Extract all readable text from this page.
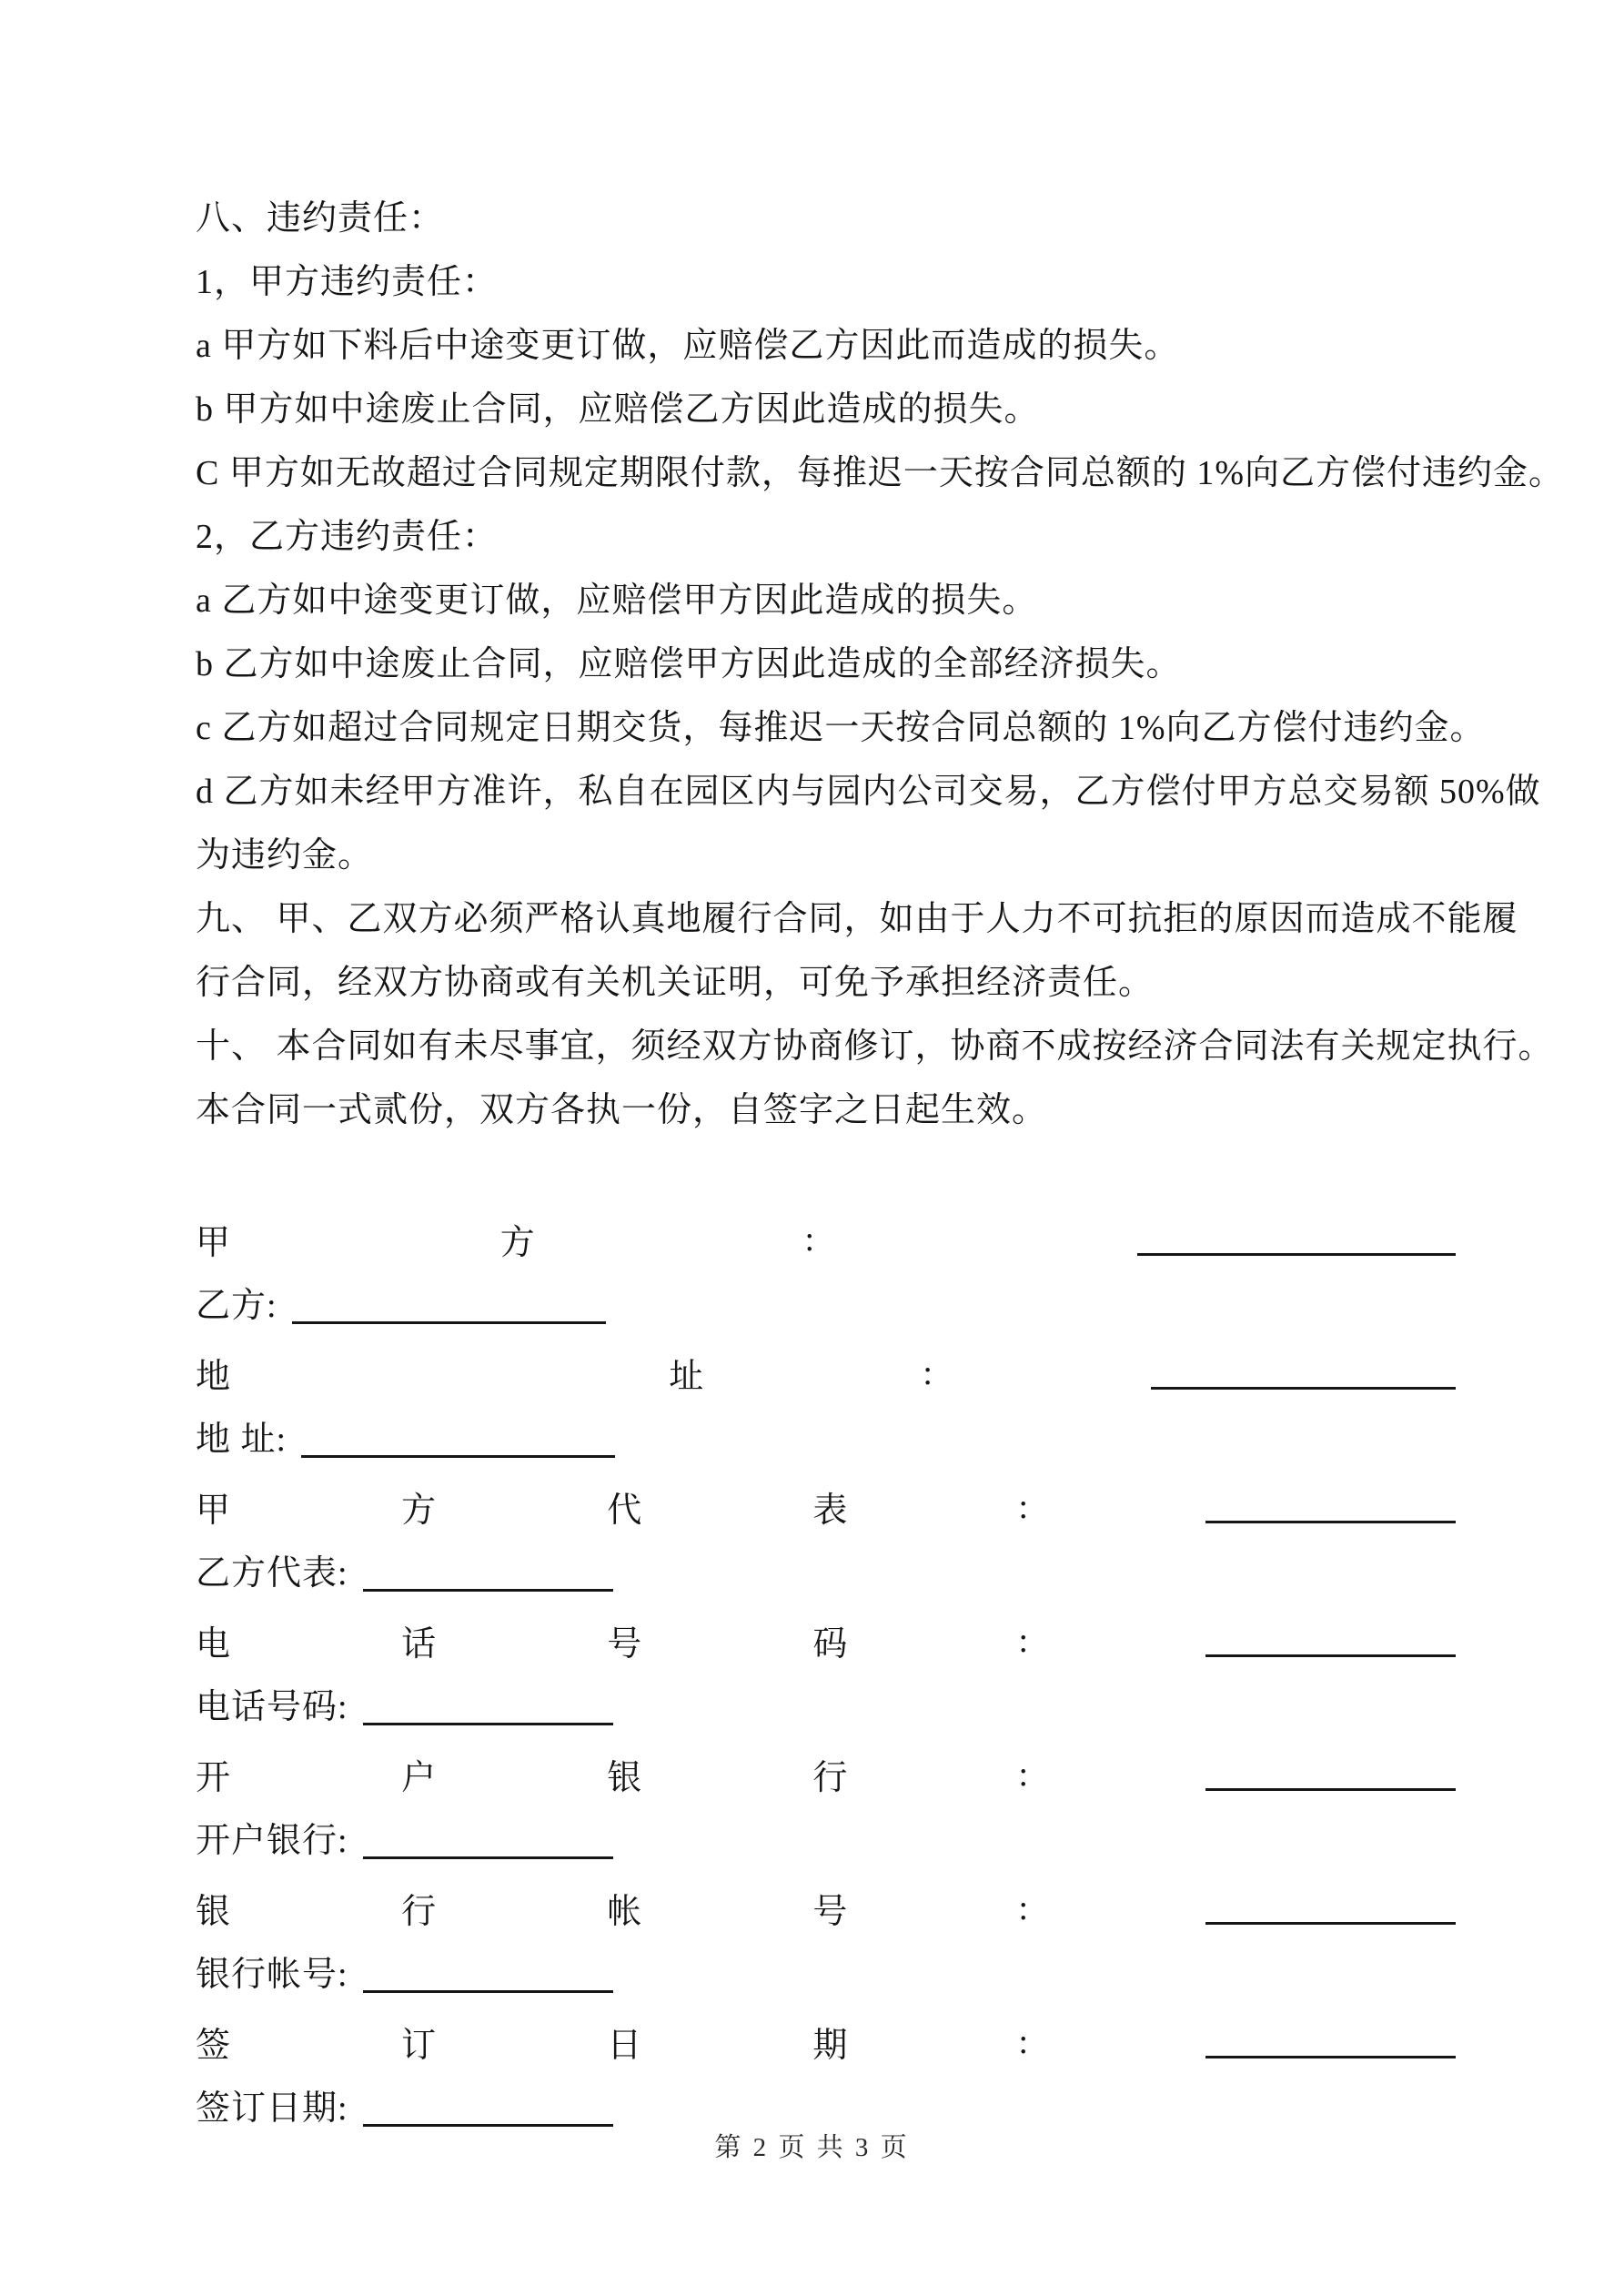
八、违约责任：
1，甲方违约责任：
a 甲方如下料后中途变更订做，应赔偿乙方因此而造成的损失。
b 甲方如中途废止合同，应赔偿乙方因此造成的损失。
C 甲方如无故超过合同规定期限付款，每推迟一天按合同总额的 1%向乙方偿付违约金。
2，乙方违约责任：
a 乙方如中途变更订做，应赔偿甲方因此造成的损失。
b 乙方如中途废止合同，应赔偿甲方因此造成的全部经济损失。
c 乙方如超过合同规定日期交货，每推迟一天按合同总额的 1%向乙方偿付违约金。
d 乙方如未经甲方准许，私自在园区内与园内公司交易，乙方偿付甲方总交易额 50%做
为违约金。
九、 甲、乙双方必须严格认真地履行合同，如由于人力不可抗拒的原因而造成不能履
行合同，经双方协商或有关机关证明，可免予承担经济责任。
十、 本合同如有未尽事宜，须经双方协商修订，协商不成按经济合同法有关规定执行。
本合同一式贰份，双方各执一份，自签字之日起生效。
甲	方	:
乙方:
地	址	:
地 址:
甲	方	代	表	:
乙方代表:
电	话	号	码	:
电话号码:
开	户	银	行	:
开户银行:
银	行	帐	号	:
银行帐号:
签	订	日	期	:
签订日期:
第 2 页 共 3 页
